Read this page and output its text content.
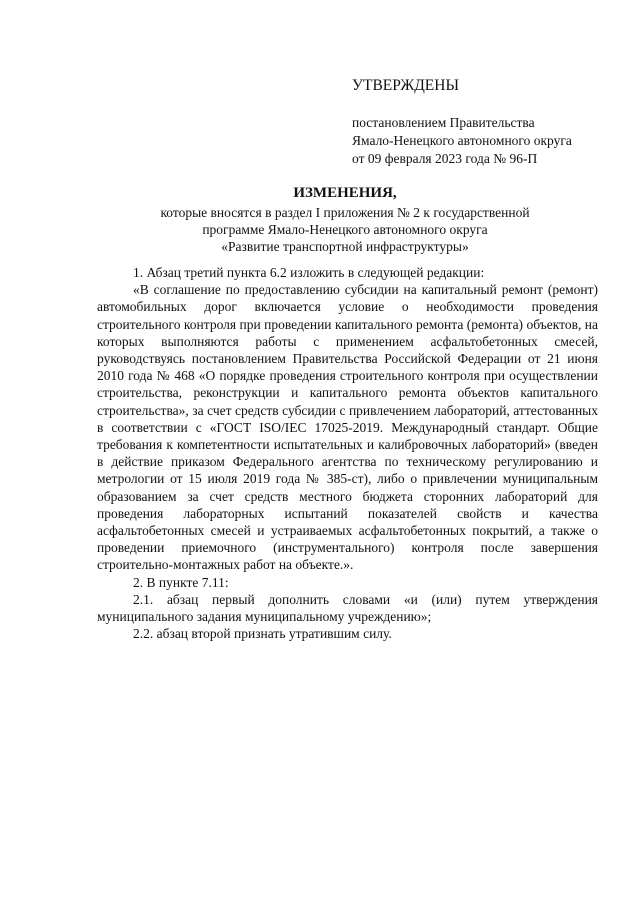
УТВЕРЖДЕНЫ
постановлением Правительства
Ямало-Ненецкого автономного округа
от 09 февраля 2023 года № 96-П
ИЗМЕНЕНИЯ,
которые вносятся в раздел I приложения № 2 к государственной
программе Ямало-Ненецкого автономного округа
«Развитие транспортной инфраструктуры»

1. Абзац третий пункта 6.2 изложить в следующей редакции:

«В соглашение по предоставлению субсидии на капитальный ремонт (ремонт) автомобильных дорог включается условие о необходимости проведения строительного контроля при проведении капитального ремонта (ремонта) объектов, на которых выполняются работы с применением асфальтобетонных смесей, руководствуясь постановлением Правительства Российской Федерации от 21 июня 2010 года № 468 «О порядке проведения строительного контроля при осуществлении строительства, реконструкции и капитального ремонта объектов капитального строительства», за счет средств субсидии с привлечением лабораторий, аттестованных в соответствии с «ГОСТ ISO/IEC 17025-2019. Международный стандарт. Общие требования к компетентности испытательных и калибровочных лабораторий» (введен в действие приказом Федерального агентства по техническому регулированию и метрологии от 15 июля 2019 года № 385-ст), либо о привлечении муниципальным образованием за счет средств местного бюджета сторонних лабораторий для проведения лабораторных испытаний показателей свойств и качества асфальтобетонных смесей и устраиваемых асфальтобетонных покрытий, а также о проведении приемочного (инструментального) контроля после завершения строительно-монтажных работ на объекте.».

2. В пункте 7.11:

2.1. абзац первый дополнить словами «и (или) путем утверждения муниципального задания муниципальному учреждению»;

2.2. абзац второй признать утратившим силу.
